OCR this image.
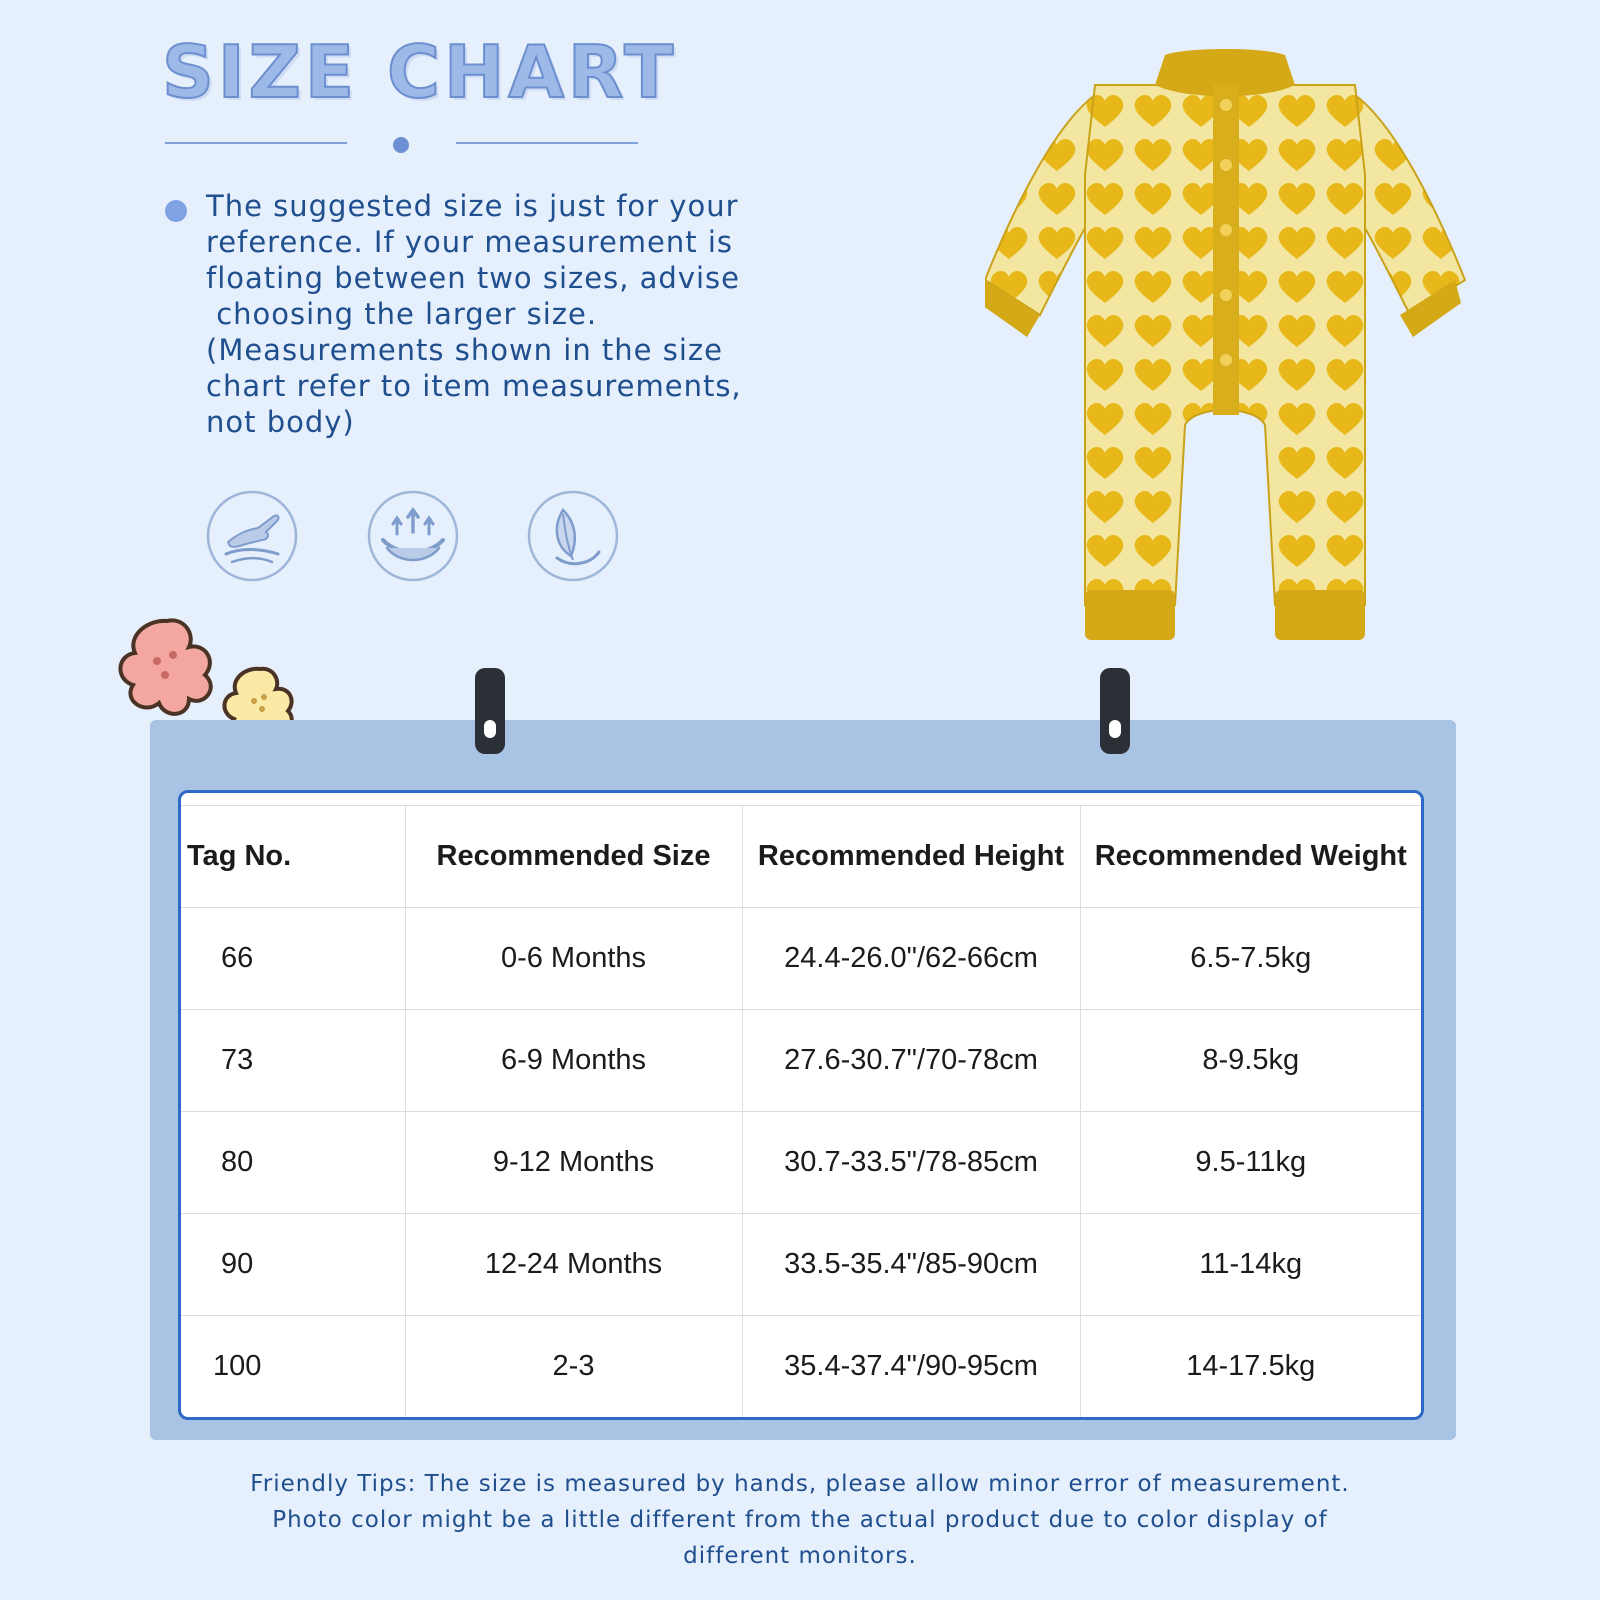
SIZE CHART

The suggested size is just for your

reference. If your measurement is

floating between two sizes, advise

choosing the larger size.

(Measurements shown in the size

chart refer to item measurements,

not body)

Tag No.	Recommended Size	Recommended Height	Recommended Weight
66	0-6 Months	24.4-26.0"/62-66cm	6.5-7.5kg
73	6-9 Months	27.6-30.7"/70-78cm	8-9.5kg
80	9-12 Months	30.7-33.5"/78-85cm	9.5-11kg
90	12-24 Months	33.5-35.4"/85-90cm	11-14kg
100	2-3	35.4-37.4"/90-95cm	14-17.5kg
Friendly Tips: The size is measured by hands, please allow minor error of measurement.
Photo color might be a little different from the actual product due to color display of
different monitors.
